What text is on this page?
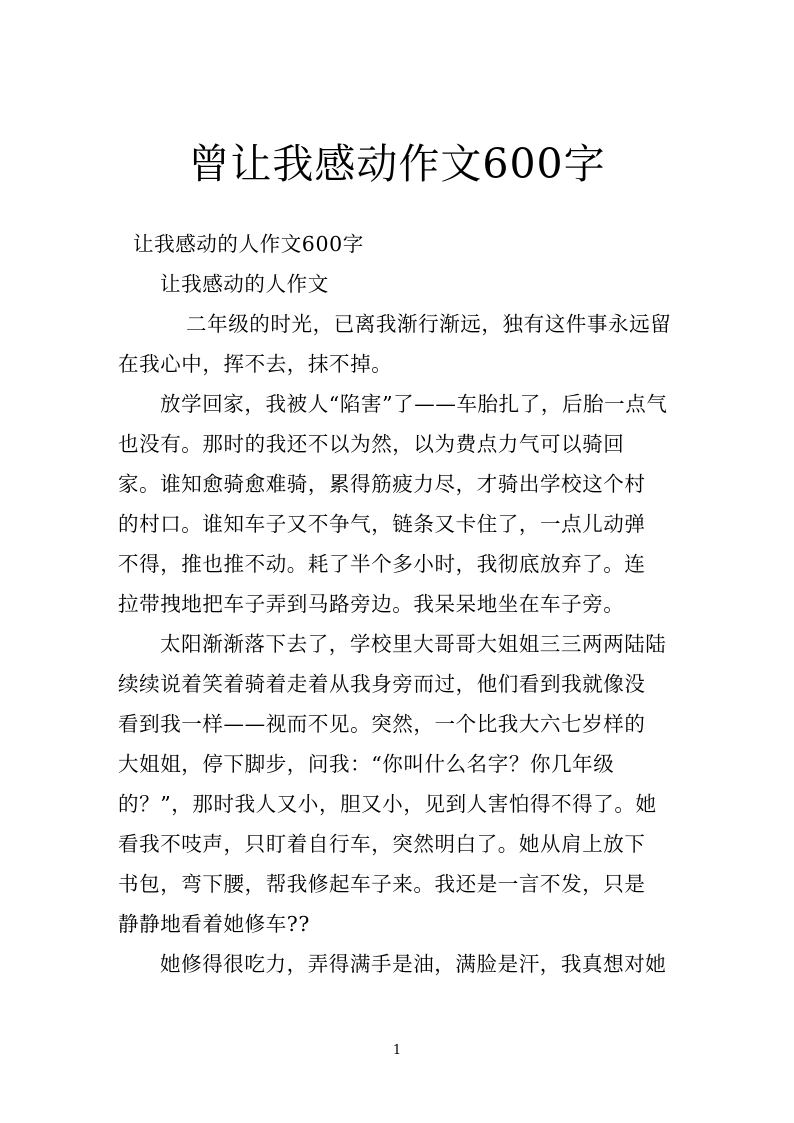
曾让我感动作文600字
让我感动的人作文600字
让我感动的人作文
二年级的时光，已离我渐行渐远，独有这件事永远留
在我心中，挥不去，抹不掉。
放学回家，我被人“陷害”了——车胎扎了，后胎一点气
也没有。那时的我还不以为然，以为费点力气可以骑回
家。谁知愈骑愈难骑，累得筋疲力尽，才骑出学校这个村
的村口。谁知车子又不争气，链条又卡住了，一点儿动弹
不得，推也推不动。耗了半个多小时，我彻底放弃了。连
拉带拽地把车子弄到马路旁边。我呆呆地坐在车子旁。
太阳渐渐落下去了，学校里大哥哥大姐姐三三两两陆陆
续续说着笑着骑着走着从我身旁而过，他们看到我就像没
看到我一样——视而不见。突然，一个比我大六七岁样的
大姐姐，停下脚步，问我：“你叫什么名字？你几年级
的？”，那时我人又小，胆又小，见到人害怕得不得了。她
看我不吱声，只盯着自行车，突然明白了。她从肩上放下
书包，弯下腰，帮我修起车子来。我还是一言不发，只是
静静地看着她修车??
她修得很吃力，弄得满手是油，满脸是汗，我真想对她
1
